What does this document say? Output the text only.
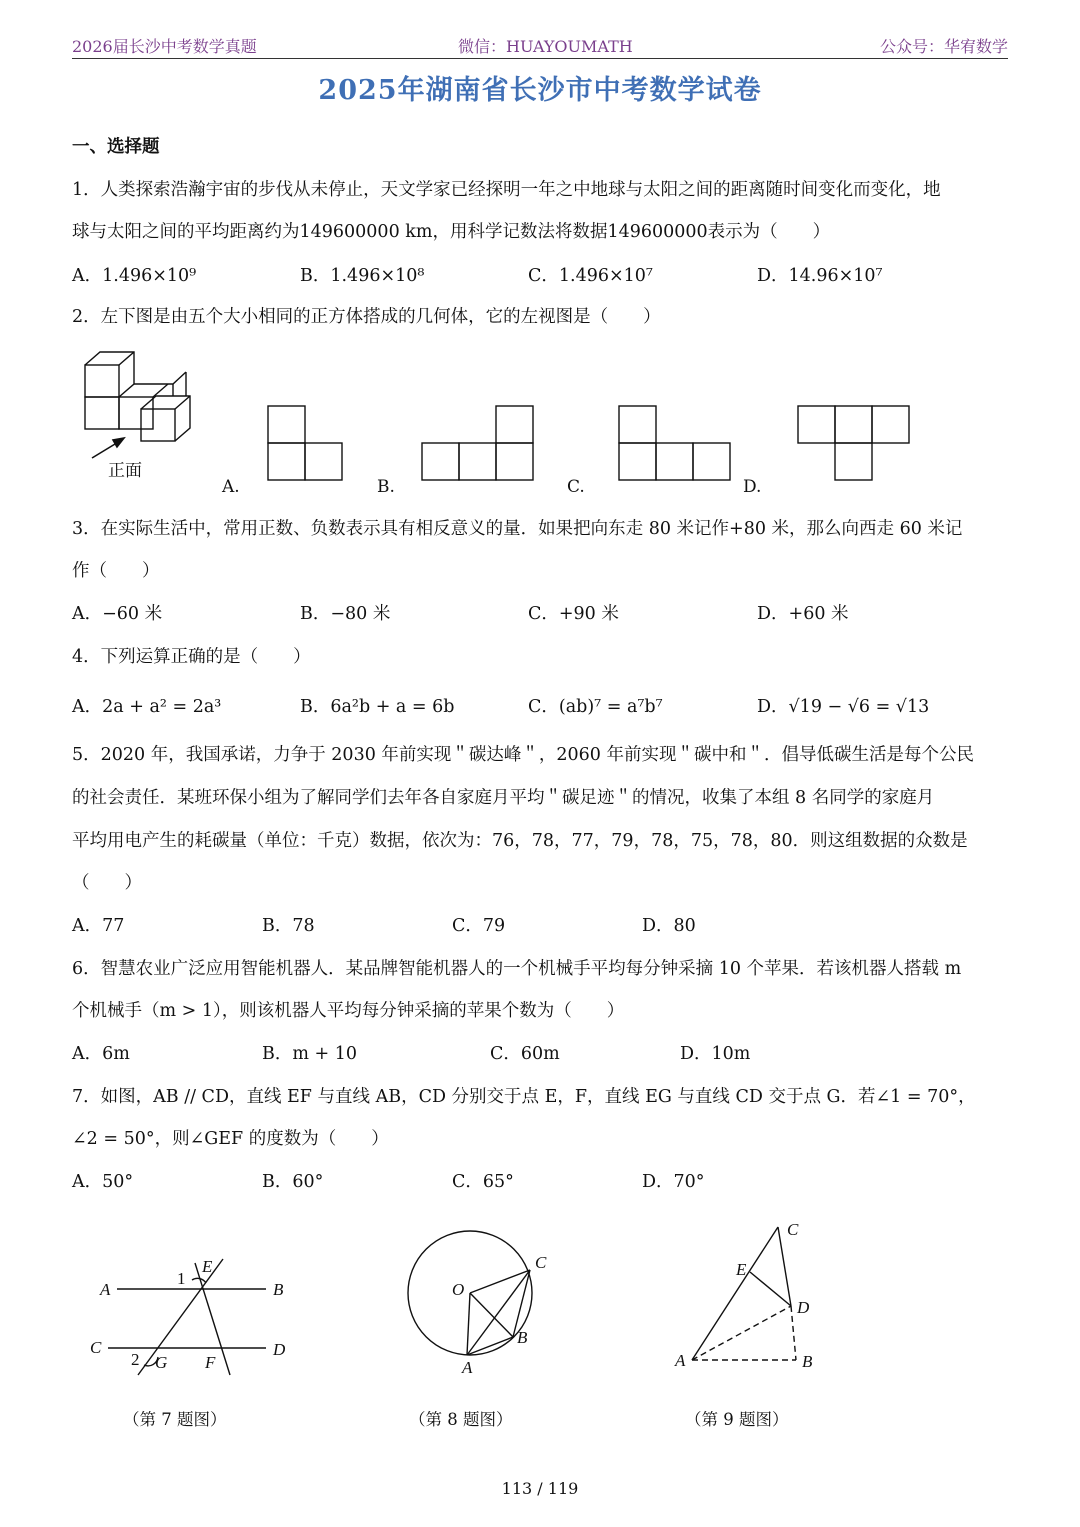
2026届长沙中考数学真题	微信：HUAYOUMATH	公众号：华宥数学
2025年湖南省长沙市中考数学试卷
一、选择题
1．人类探索浩瀚宇宙的步伐从未停止，天文学家已经探明一年之中地球与太阳之间的距离随时间变化而变化，地
球与太阳之间的平均距离约为149600000 km，用科学记数法将数据149600000表示为（　　）
A．1.496×10⁹	B．1.496×10⁸	C．1.496×10⁷	D．14.96×10⁷
2．左下图是由五个大小相同的正方体搭成的几何体，它的左视图是（　　）
正面
A.	B.	C.	D.
3．在实际生活中，常用正数、负数表示具有相反意义的量．如果把向东走 80 米记作+80 米，那么向西走 60 米记
作（　　）
A．−60 米	B．−80 米	C．+90 米	D．+60 米
4．下列运算正确的是（　　）
A．2a + a² = 2a³	B．6a²b + a = 6b	C．(ab)⁷ = a⁷b⁷	D．√19 − √6 = √13
5．2020 年，我国承诺，力争于 2030 年前实现＂碳达峰＂，2060 年前实现＂碳中和＂．倡导低碳生活是每个公民
的社会责任．某班环保小组为了解同学们去年各自家庭月平均＂碳足迹＂的情况，收集了本组 8 名同学的家庭月
平均用电产生的耗碳量（单位：千克）数据，依次为：76，78，77，79，78，75，78，80．则这组数据的众数是
（　　）
A．77	B．78	C．79	D．80
6．智慧农业广泛应用智能机器人．某品牌智能机器人的一个机械手平均每分钟采摘 10 个苹果．若该机器人搭载 m
个机械手（m > 1），则该机器人平均每分钟采摘的苹果个数为（　　）
A．6m	B．m + 10	C．60m	D．10m
7．如图，AB // CD，直线 EF 与直线 AB，CD 分别交于点 E，F，直线 EG 与直线 CD 交于点 G．若∠1 = 70°，
∠2 = 50°，则∠GEF 的度数为（　　）
A．50°	B．60°	C．65°	D．70°
A	B
C	D
E
F
G
1
2
（第 7 题图）
O
C
B
A
（第 8 题图）
C
E
D
A	B
（第 9 题图）
113 / 119
